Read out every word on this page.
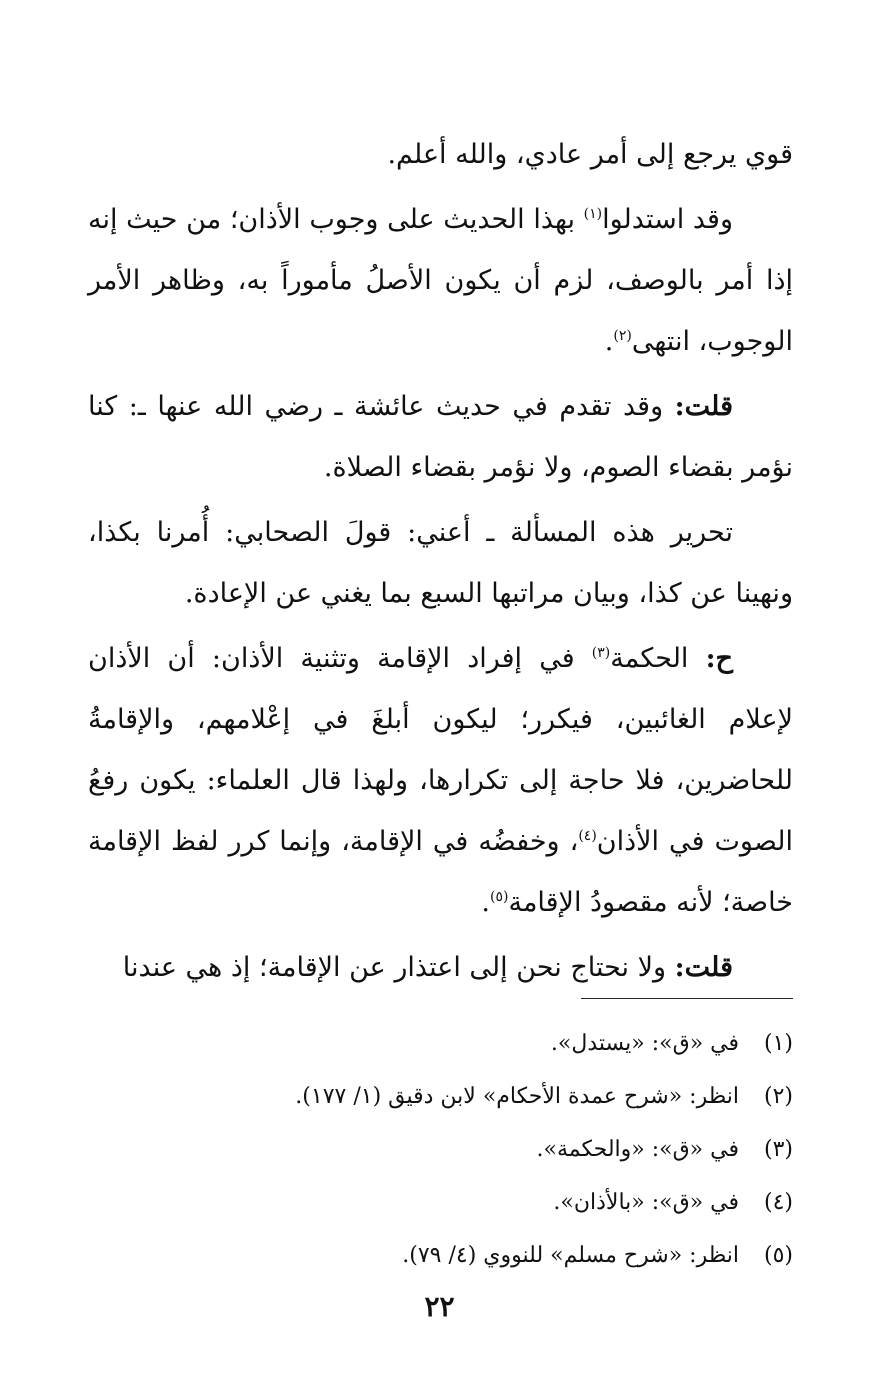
قوي يرجع إلى أمر عادي، والله أعلم.

وقد استدلوا$^{(١)}$ بهذا الحديث على وجوب الأذان؛ من حيث إنه إذا أمر بالوصف، لزم أن يكون الأصلُ مأموراً به، وظاهر الأمر الوجوب، انتهى$^{(٢)}$.

قلت: وقد تقدم في حديث عائشة ـ رضي الله عنها ـ: كنا نؤمر بقضاء الصوم، ولا نؤمر بقضاء الصلاة.

تحرير هذه المسألة ـ أعني: قولَ الصحابي: أُمرنا بكذا، ونهينا عن كذا، وبيان مراتبها السبع بما يغني عن الإعادة.

ح: الحكمة$^{(٣)}$ في إفراد الإقامة وتثنية الأذان: أن الأذان لإعلام الغائبين، فيكرر؛ ليكون أبلغَ في إعْلامهم، والإقامةُ للحاضرين، فلا حاجة إلى تكرارها، ولهذا قال العلماء: يكون رفعُ الصوت في الأذان$^{(٤)}$، وخفضُه في الإقامة، وإنما كرر لفظ الإقامة خاصة؛ لأنه مقصودُ الإقامة$^{(٥)}$.

قلت: ولا نحتاج نحن إلى اعتذار عن الإقامة؛ إذ هي عندنا

(١)
في «ق»: «يستدل».
(٢)
انظر: «شرح عمدة الأحكام» لابن دقيق (١/ ١٧٧).
(٣)
في «ق»: «والحكمة».
(٤)
في «ق»: «بالأذان».
(٥)
انظر: «شرح مسلم» للنووي (٤/ ٧٩).
٢٢
